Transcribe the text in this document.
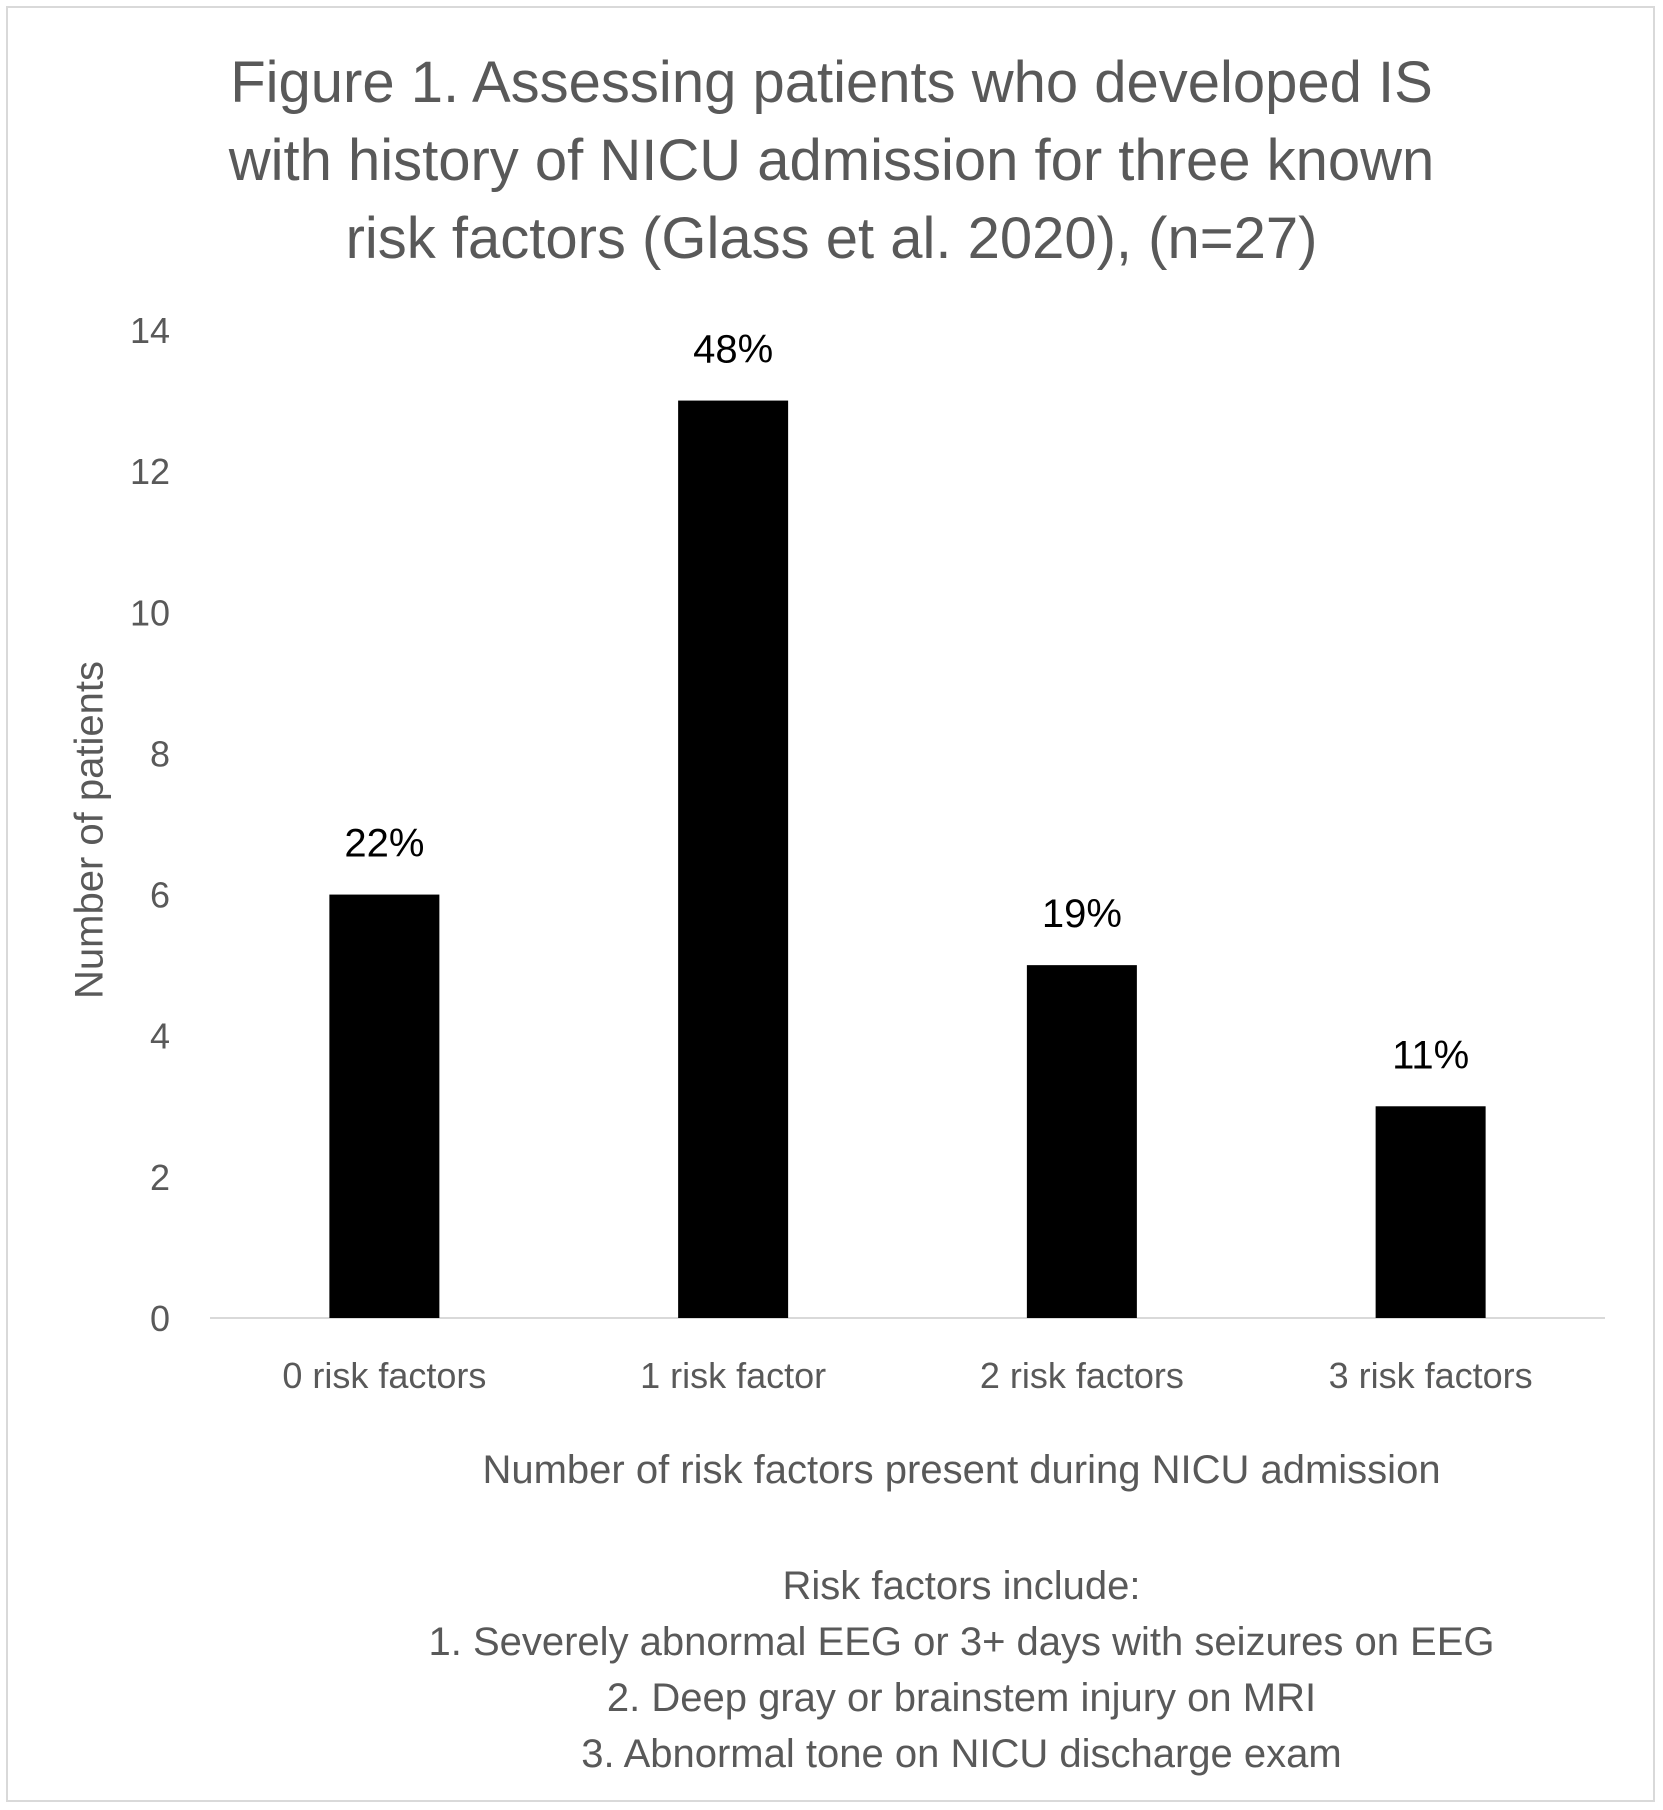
Figure 1. Assessing patients who developed IS
with history of NICU admission for three known
risk factors (Glass et al. 2020), (n=27)
0
2
4
6
8
10
12
14
22%
0 risk factors
48%
1 risk factor
19%
2 risk factors
11%
3 risk factors
Number of patients
Number of risk factors present during NICU admission
Risk factors include:
1. Severely abnormal EEG or 3+ days with seizures on EEG
2. Deep gray or brainstem injury on MRI
3. Abnormal tone on NICU discharge exam
